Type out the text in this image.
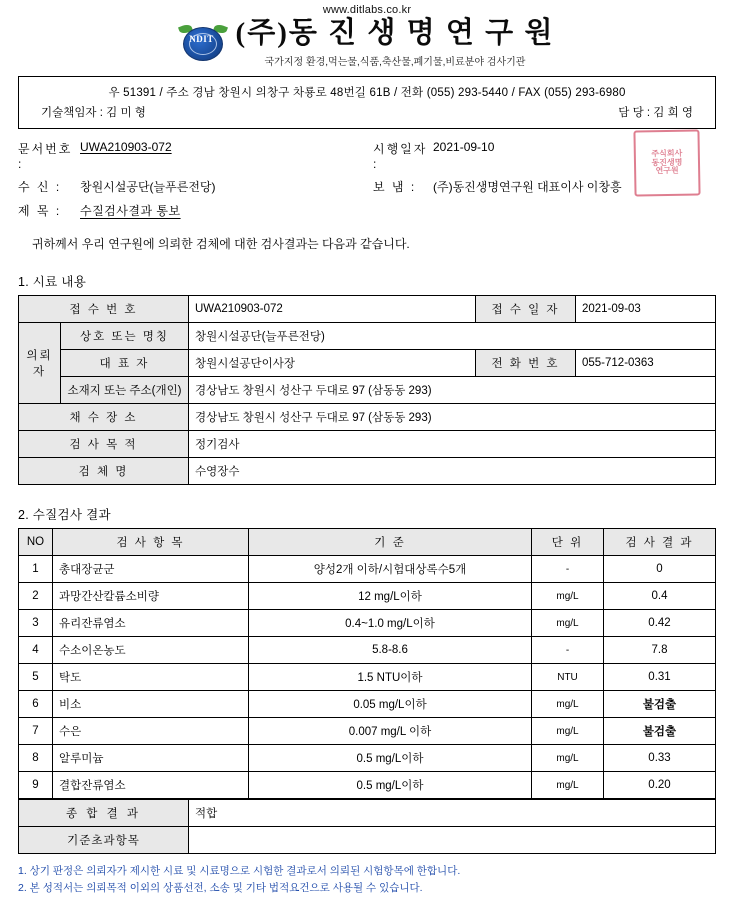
www.ditlabs.co.kr
NDIT (주)동 진 생 명 연 구 원
국가지정 환경,먹는물,식품,축산물,폐기물,비료분야 검사기관
우 51391 / 주소 경남 창원시 의창구 차룡로 48번길 61B / 전화 (055) 293-5440 / FAX (055) 293-6980
기술책임자 : 김 미 형	담 당 : 김 희 영
주식회사
동진생명
연구원
문서번호 :
UWA210903-072	시행일자 :
2021-09-10
수 신 :	창원시설공단(늘푸른전당)	보 냄 :	(주)동진생명연구원 대표이사 이창흥
제 목 :	수질검사결과 통보
귀하께서 우리 연구원에 의뢰한 검체에 대한 검사결과는 다음과 같습니다.
1. 시료 내용
접 수 번 호		UWA210903-072	접 수 일 자	2021-09-03
의뢰자	상호 또는 명칭	창원시설공단(늘푸른전당)		
	대 표 자	창원시설공단이사장	전 화 번 호	055-712-0363
	소재지 또는 주소(개인)	경상남도 창원시 성산구 두대로 97 (삼동동 293)		
채 수 장 소		경상남도 창원시 성산구 두대로 97 (삼동동 293)		
검 사 목 적		정기검사		
검 체 명		수영장수		
2. 수질검사 결과
NO	검 사 항 목	기 준	단 위	검 사 결 과
1	총대장균군	양성2개 이하/시험대상록수5개	-	0
2	과망간산칼륨소비량	12 mg/L이하	mg/L	0.4
3	유리잔류염소	0.4~1.0 mg/L이하	mg/L	0.42
4	수소이온농도	5.8-8.6	-	7.8
5	탁도	1.5 NTU이하	NTU	0.31
6	비소	0.05 mg/L이하	mg/L	불검출
7	수은	0.007 mg/L 이하	mg/L	불검출
8	알루미늄	0.5 mg/L이하	mg/L	0.33
9	결합잔류염소	0.5 mg/L이하	mg/L	0.20
종 합 결 과	적합
기준초과항목	
1. 상기 판정은 의뢰자가 제시한 시료 및 시료명으로 시험한 결과로서 의뢰된 시험항목에 한합니다.
2. 본 성적서는 의뢰목적 이외의 상품선전, 소송 및 기타 법적요건으로 사용될 수 있습니다.
